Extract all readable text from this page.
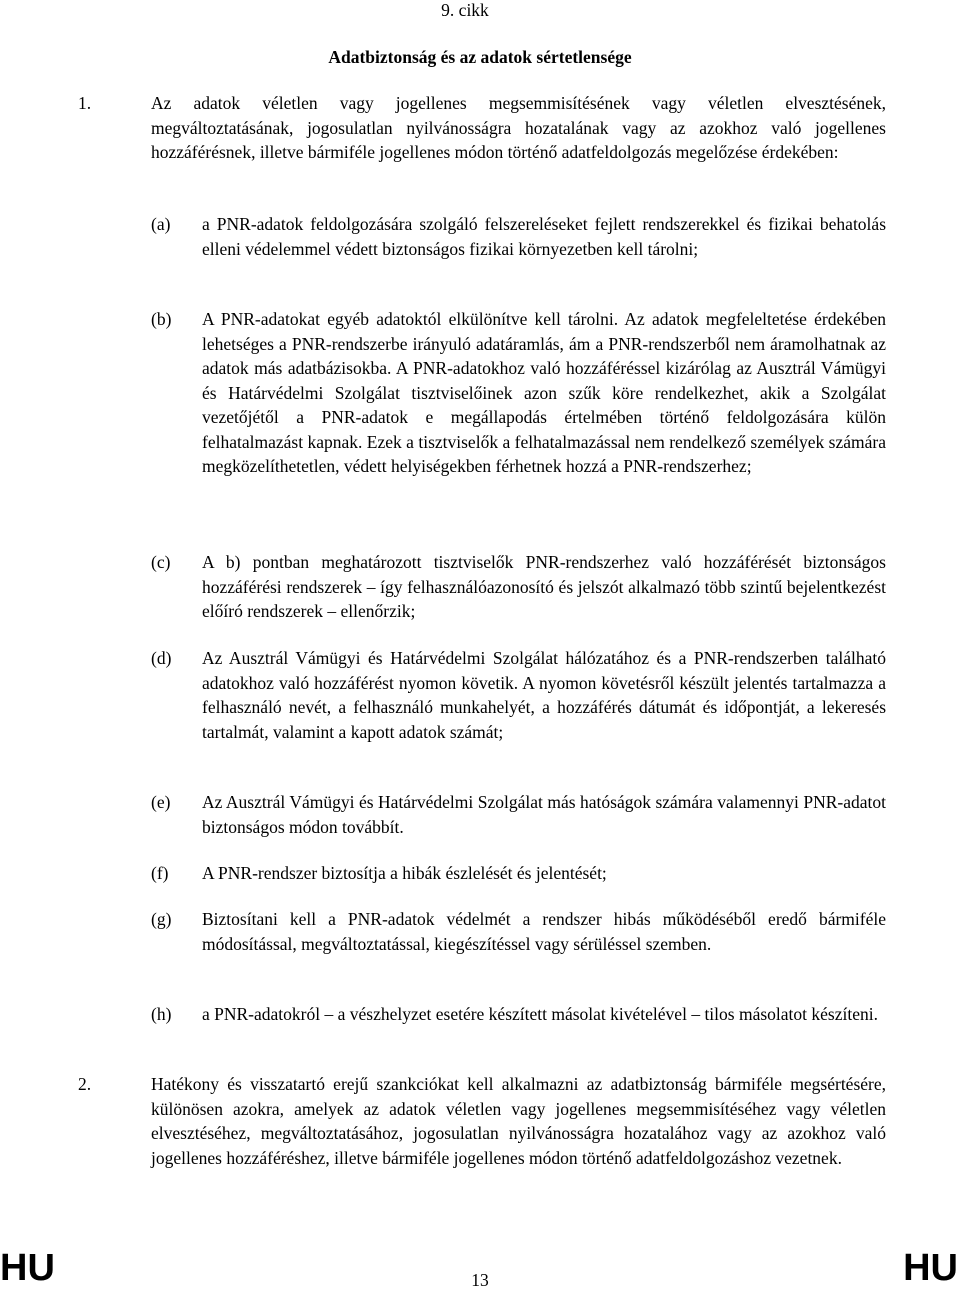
9. cikk
Adatbiztonság és az adatok sértetlensége
1.	Az adatok véletlen vagy jogellenes megsemmisítésének vagy véletlen elvesztésének, megváltoztatásának, jogosulatlan nyilvánosságra hozatalának vagy az azokhoz való jogellenes hozzáférésnek, illetve bármiféle jogellenes módon történő adatfeldolgozás megelőzése érdekében:
(a)	a PNR-adatok feldolgozására szolgáló felszereléseket fejlett rendszerekkel és fizikai behatolás elleni védelemmel védett biztonságos fizikai környezetben kell tárolni;
(b)	A PNR-adatokat egyéb adatoktól elkülönítve kell tárolni. Az adatok megfeleltetése érdekében lehetséges a PNR-rendszerbe irányuló adatáramlás, ám a PNR-rendszerből nem áramolhatnak az adatok más adatbázisokba. A PNR-adatokhoz való hozzáféréssel kizárólag az Ausztrál Vámügyi és Határvédelmi Szolgálat tisztviselőinek azon szűk köre rendelkezhet, akik a Szolgálat vezetőjétől a PNR-adatok e megállapodás értelmében történő feldolgozására külön felhatalmazást kapnak. Ezek a tisztviselők a felhatalmazással nem rendelkező személyek számára megközelíthetetlen, védett helyiségekben férhetnek hozzá a PNR-rendszerhez;
(c)	A b) pontban meghatározott tisztviselők PNR-rendszerhez való hozzáférését biztonságos hozzáférési rendszerek – így felhasználóazonosító és jelszót alkalmazó több szintű bejelentkezést előíró rendszerek – ellenőrzik;
(d)	Az Ausztrál Vámügyi és Határvédelmi Szolgálat hálózatához és a PNR-rendszerben található adatokhoz való hozzáférést nyomon követik. A nyomon követésről készült jelentés tartalmazza a felhasználó nevét, a felhasználó munkahelyét, a hozzáférés dátumát és időpontját, a lekeresés tartalmát, valamint a kapott adatok számát;
(e)	Az Ausztrál Vámügyi és Határvédelmi Szolgálat más hatóságok számára valamennyi PNR-adatot biztonságos módon továbbít.
(f)	A PNR-rendszer biztosítja a hibák észlelését és jelentését;
(g)	Biztosítani kell a PNR-adatok védelmét a rendszer hibás működéséből eredő bármiféle módosítással, megváltoztatással, kiegészítéssel vagy sérüléssel szemben.
(h)	a PNR-adatokról – a vészhelyzet esetére készített másolat kivételével – tilos másolatot készíteni.
2.	Hatékony és visszatartó erejű szankciókat kell alkalmazni az adatbiztonság bármiféle megsértésére, különösen azokra, amelyek az adatok véletlen vagy jogellenes megsemmisítéséhez vagy véletlen elvesztéséhez, megváltoztatásához, jogosulatlan nyilvánosságra hozatalához vagy az azokhoz való jogellenes hozzáféréshez, illetve bármiféle jogellenes módon történő adatfeldolgozáshoz vezetnek.
HU	13	HU
